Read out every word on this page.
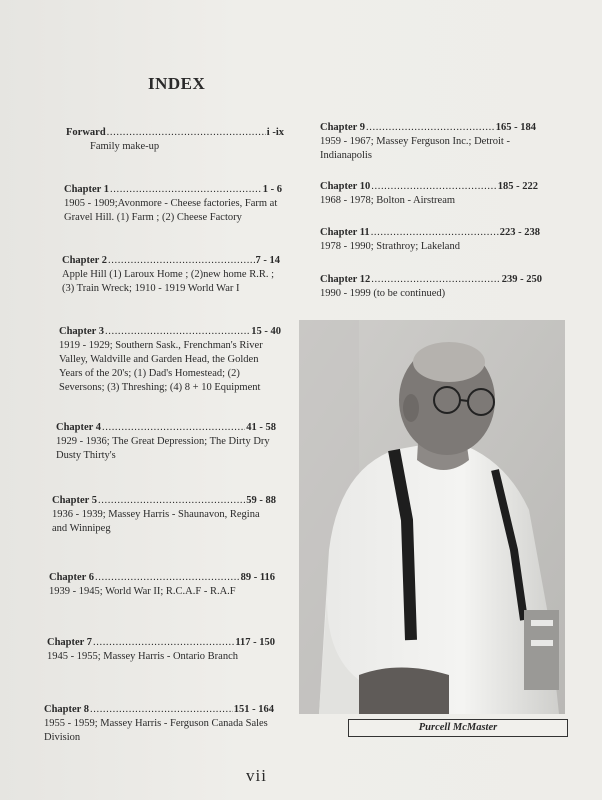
INDEX
Forward .....	i -ix
Family make-up
Chapter 1 .....	1 - 6
1905 - 1909;Avonmore - Cheese factories, Farm at Gravel Hill. (1) Farm ; (2) Cheese Factory
Chapter 2 .....	7 - 14
Apple Hill (1) Laroux Home ; (2)new home R.R. ;(3) Train Wreck; 1910 - 1919 World War I
Chapter 3 .....	15 - 40
1919 - 1929; Southern Sask., Frenchman's River Valley, Waldville and Garden Head, the Golden Years of the 20's; (1) Dad's Homestead; (2) Seversons; (3) Threshing; (4) 8 + 10 Equipment
Chapter 4 .....	41 - 58
1929 - 1936; The Great Depression; The Dirty Dry Dusty Thirty's
Chapter 5 .....	59 - 88
1936 - 1939; Massey Harris - Shaunavon, Regina and Winnipeg
Chapter 6 .....	89 - 116
1939 - 1945; World War II; R.C.A.F - R.A.F
Chapter 7 .....	117 - 150
1945 - 1955; Massey Harris - Ontario Branch
Chapter 8 .....	151 - 164
1955 - 1959; Massey Harris - Ferguson Canada Sales Division
Chapter 9 .....	165 - 184
1959 - 1967; Massey Ferguson Inc.; Detroit - Indianapolis
Chapter 10 .....	185 - 222
1968 - 1978; Bolton - Airstream
Chapter 11 .....	223 - 238
1978 - 1990; Strathroy; Lakeland
Chapter 12 .....	239 - 250
1990 - 1999 (to be continued)
Purcell McMaster
vii
